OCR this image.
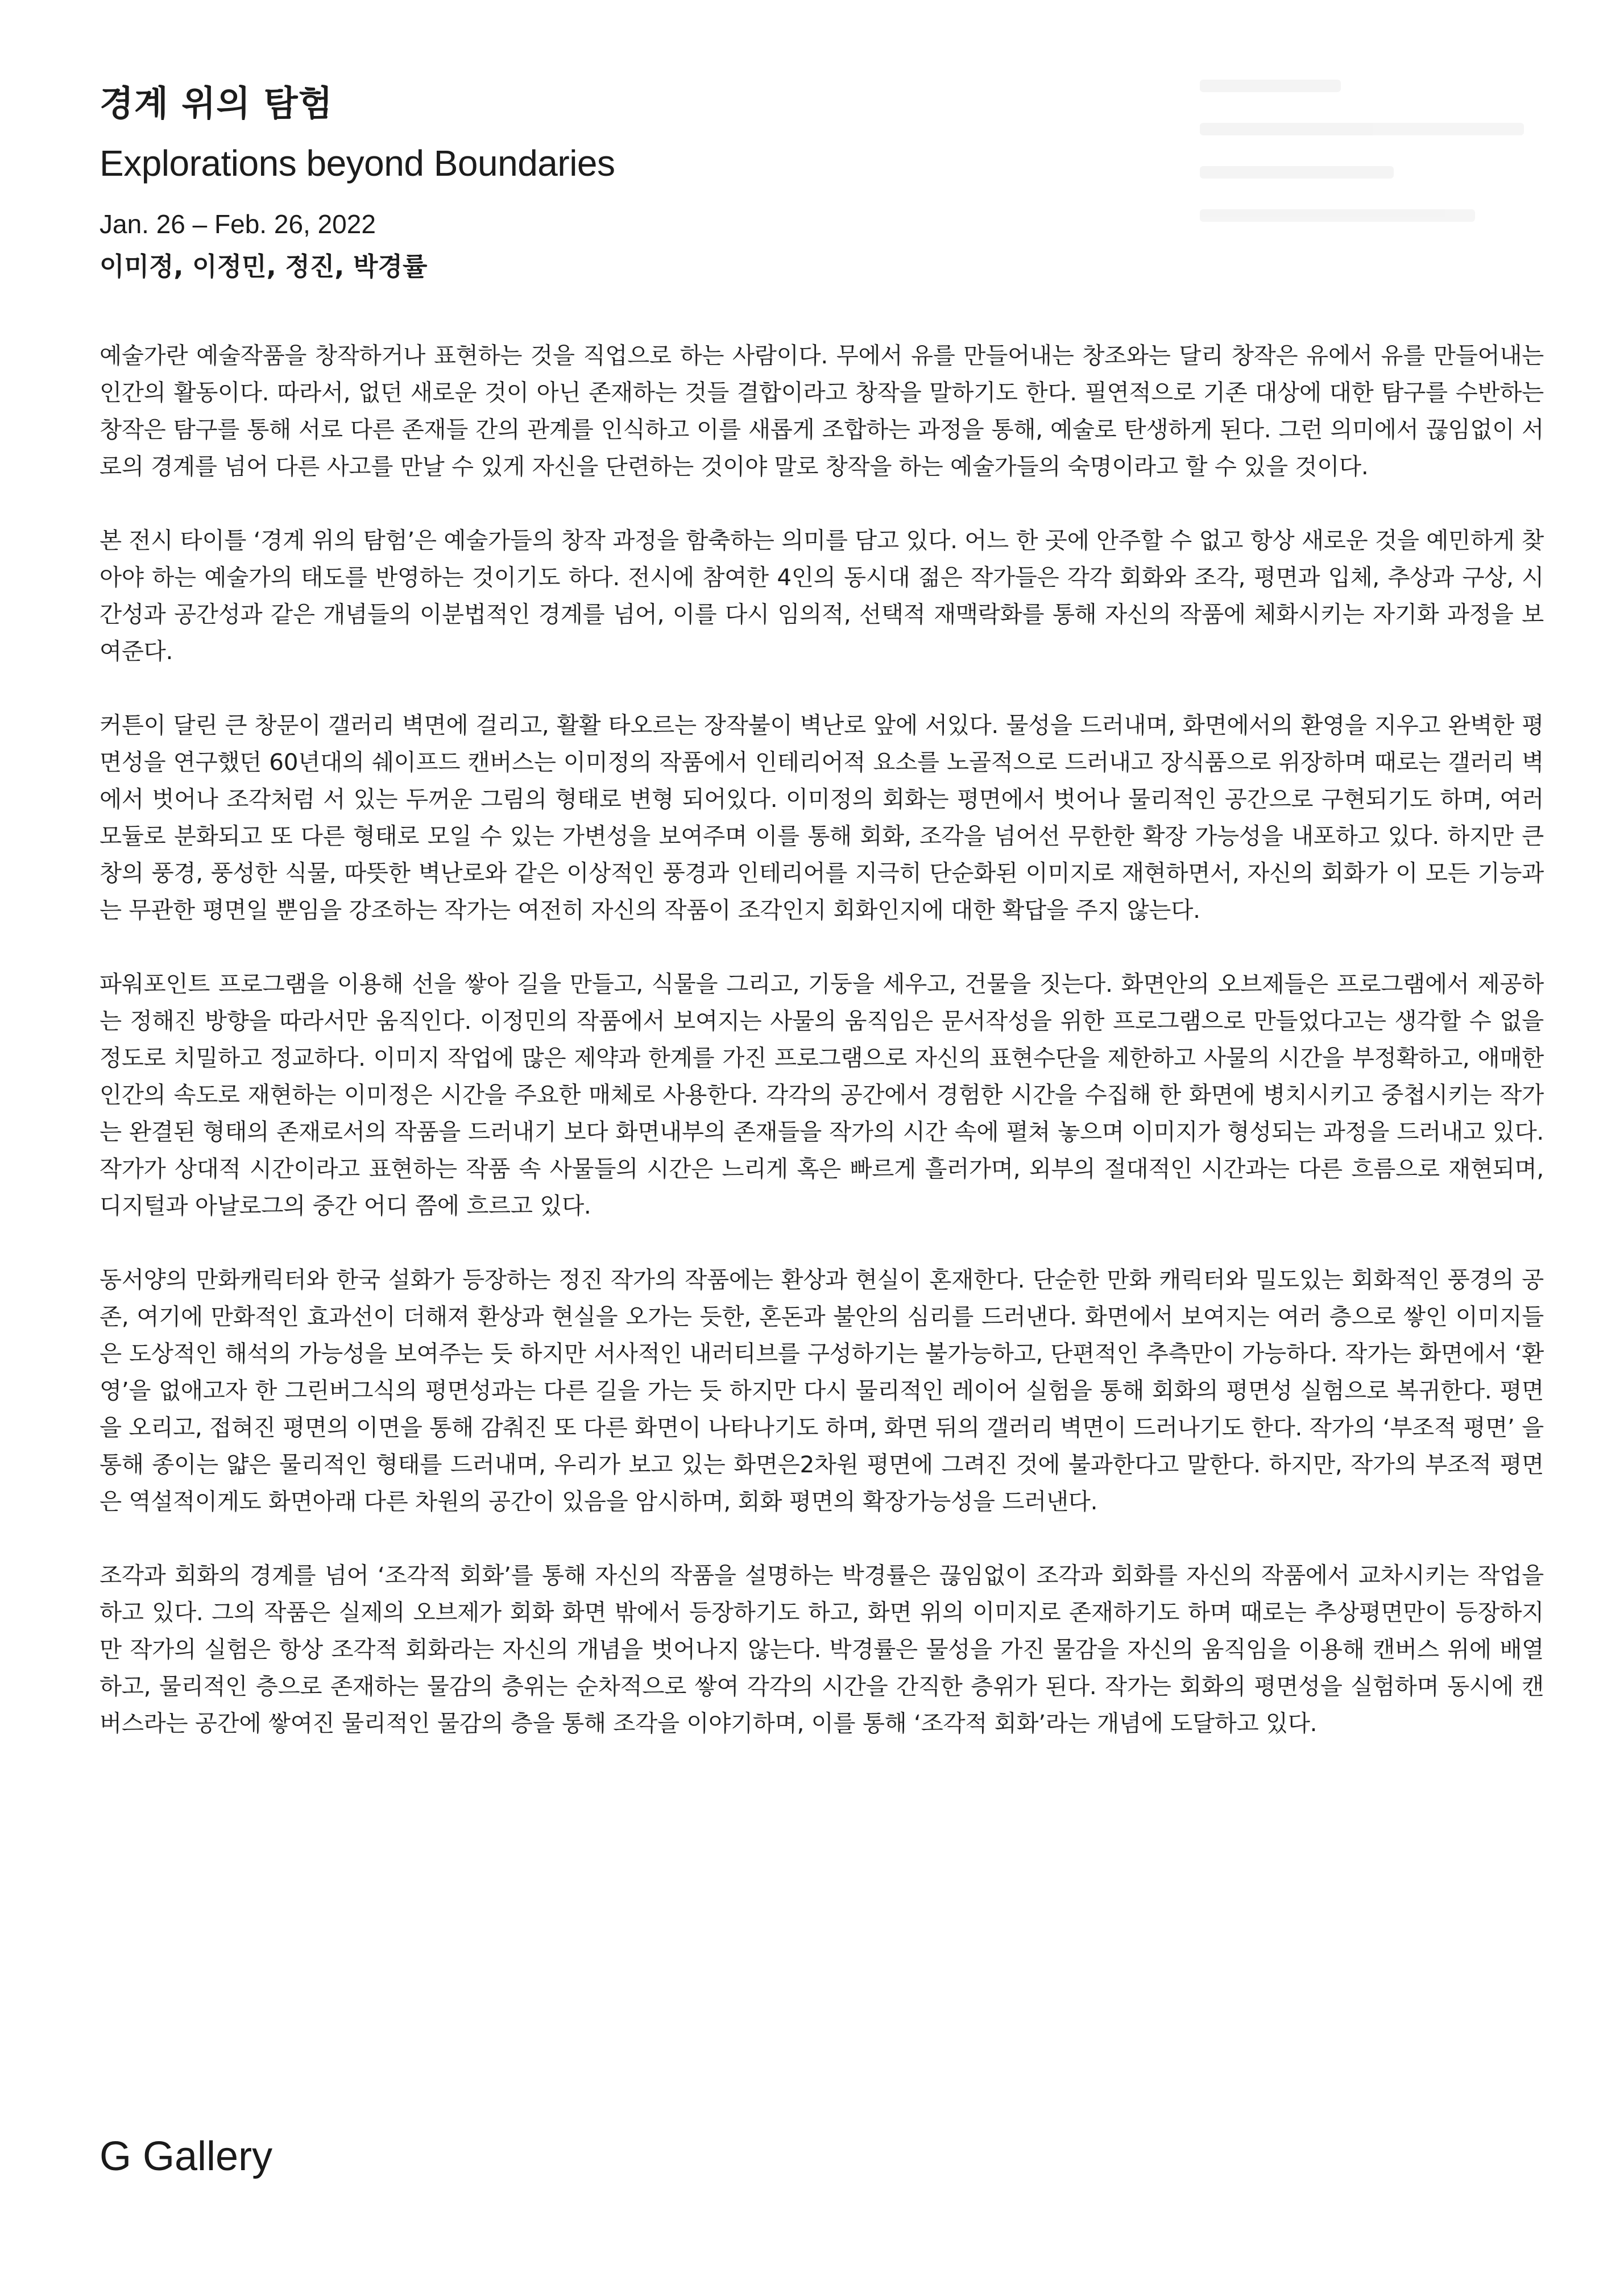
경계 위의 탐험
Explorations beyond Boundaries

Jan. 26 – Feb. 26, 2022

이미정, 이정민, 정진, 박경률

예술가란 예술작품을 창작하거나 표현하는 것을 직업으로 하는 사람이다. 무에서 유를 만들어내는 창조와는 달리 창작은 유에서 유를 만들어내는 인간의 활동이다. 따라서, 없던 새로운 것이 아닌 존재하는 것들 결합이라고 창작을 말하기도 한다. 필연적으로 기존 대상에 대한 탐구를 수반하는 창작은 탐구를 통해 서로 다른 존재들 간의 관계를 인식하고 이를 새롭게 조합하는 과정을 통해, 예술로 탄생하게 된다. 그런 의미에서 끊임없이 서로의 경계를 넘어 다른 사고를 만날 수 있게 자신을 단련하는 것이야 말로 창작을 하는 예술가들의 숙명이라고 할 수 있을 것이다.

본 전시 타이틀 ‘경계 위의 탐험’은 예술가들의 창작 과정을 함축하는 의미를 담고 있다. 어느 한 곳에 안주할 수 없고 항상 새로운 것을 예민하게 찾아야 하는 예술가의 태도를 반영하는 것이기도 하다. 전시에 참여한 4인의 동시대 젊은 작가들은 각각 회화와 조각, 평면과 입체, 추상과 구상, 시간성과 공간성과 같은 개념들의 이분법적인 경계를 넘어, 이를 다시 임의적, 선택적 재맥락화를 통해 자신의 작품에 체화시키는 자기화 과정을 보여준다.

커튼이 달린 큰 창문이 갤러리 벽면에 걸리고, 활활 타오르는 장작불이 벽난로 앞에 서있다. 물성을 드러내며, 화면에서의 환영을 지우고 완벽한 평면성을 연구했던 60년대의 쉐이프드 캔버스는 이미정의 작품에서 인테리어적 요소를 노골적으로 드러내고 장식품으로 위장하며 때로는 갤러리 벽에서 벗어나 조각처럼 서 있는 두꺼운 그림의 형태로 변형 되어있다. 이미정의 회화는 평면에서 벗어나 물리적인 공간으로 구현되기도 하며, 여러 모듈로 분화되고 또 다른 형태로 모일 수 있는 가변성을 보여주며 이를 통해 회화, 조각을 넘어선 무한한 확장 가능성을 내포하고 있다. 하지만 큰 창의 풍경, 풍성한 식물, 따뜻한 벽난로와 같은 이상적인 풍경과 인테리어를 지극히 단순화된 이미지로 재현하면서, 자신의 회화가 이 모든 기능과는 무관한 평면일 뿐임을 강조하는 작가는 여전히 자신의 작품이 조각인지 회화인지에 대한 확답을 주지 않는다.

파워포인트 프로그램을 이용해 선을 쌓아 길을 만들고, 식물을 그리고, 기둥을 세우고, 건물을 짓는다. 화면안의 오브제들은 프로그램에서 제공하는 정해진 방향을 따라서만 움직인다. 이정민의 작품에서 보여지는 사물의 움직임은 문서작성을 위한 프로그램으로 만들었다고는 생각할 수 없을 정도로 치밀하고 정교하다. 이미지 작업에 많은 제약과 한계를 가진 프로그램으로 자신의 표현수단을 제한하고 사물의 시간을 부정확하고, 애매한 인간의 속도로 재현하는 이미정은 시간을 주요한 매체로 사용한다. 각각의 공간에서 경험한 시간을 수집해 한 화면에 병치시키고 중첩시키는 작가는 완결된 형태의 존재로서의 작품을 드러내기 보다 화면내부의 존재들을 작가의 시간 속에 펼쳐 놓으며 이미지가 형성되는 과정을 드러내고 있다. 작가가 상대적 시간이라고 표현하는 작품 속 사물들의 시간은 느리게 혹은 빠르게 흘러가며, 외부의 절대적인 시간과는 다른 흐름으로 재현되며, 디지털과 아날로그의 중간 어디 쯤에 흐르고 있다.

동서양의 만화캐릭터와 한국 설화가 등장하는 정진 작가의 작품에는 환상과 현실이 혼재한다. 단순한 만화 캐릭터와 밀도있는 회화적인 풍경의 공존, 여기에 만화적인 효과선이 더해져 환상과 현실을 오가는 듯한, 혼돈과 불안의 심리를 드러낸다. 화면에서 보여지는 여러 층으로 쌓인 이미지들은 도상적인 해석의 가능성을 보여주는 듯 하지만 서사적인 내러티브를 구성하기는 불가능하고, 단편적인 추측만이 가능하다. 작가는 화면에서 ‘환영’을 없애고자 한 그린버그식의 평면성과는 다른 길을 가는 듯 하지만 다시 물리적인 레이어 실험을 통해 회화의 평면성 실험으로 복귀한다. 평면을 오리고, 접혀진 평면의 이면을 통해 감춰진 또 다른 화면이 나타나기도 하며, 화면 뒤의 갤러리 벽면이 드러나기도 한다. 작가의 ‘부조적 평면’ 을 통해 종이는 얇은 물리적인 형태를 드러내며, 우리가 보고 있는 화면은2차원 평면에 그려진 것에 불과한다고 말한다. 하지만, 작가의 부조적 평면은 역설적이게도 화면아래 다른 차원의 공간이 있음을 암시하며, 회화 평면의 확장가능성을 드러낸다.

조각과 회화의 경계를 넘어 ‘조각적 회화’를 통해 자신의 작품을 설명하는 박경률은 끊임없이 조각과 회화를 자신의 작품에서 교차시키는 작업을 하고 있다. 그의 작품은 실제의 오브제가 회화 화면 밖에서 등장하기도 하고, 화면 위의 이미지로 존재하기도 하며 때로는 추상평면만이 등장하지만 작가의 실험은 항상 조각적 회화라는 자신의 개념을 벗어나지 않는다. 박경률은 물성을 가진 물감을 자신의 움직임을 이용해 캔버스 위에 배열하고, 물리적인 층으로 존재하는 물감의 층위는 순차적으로 쌓여 각각의 시간을 간직한 층위가 된다. 작가는 회화의 평면성을 실험하며 동시에 캔버스라는 공간에 쌓여진 물리적인 물감의 층을 통해 조각을 이야기하며, 이를 통해 ‘조각적 회화’라는 개념에 도달하고 있다.

G Gallery
